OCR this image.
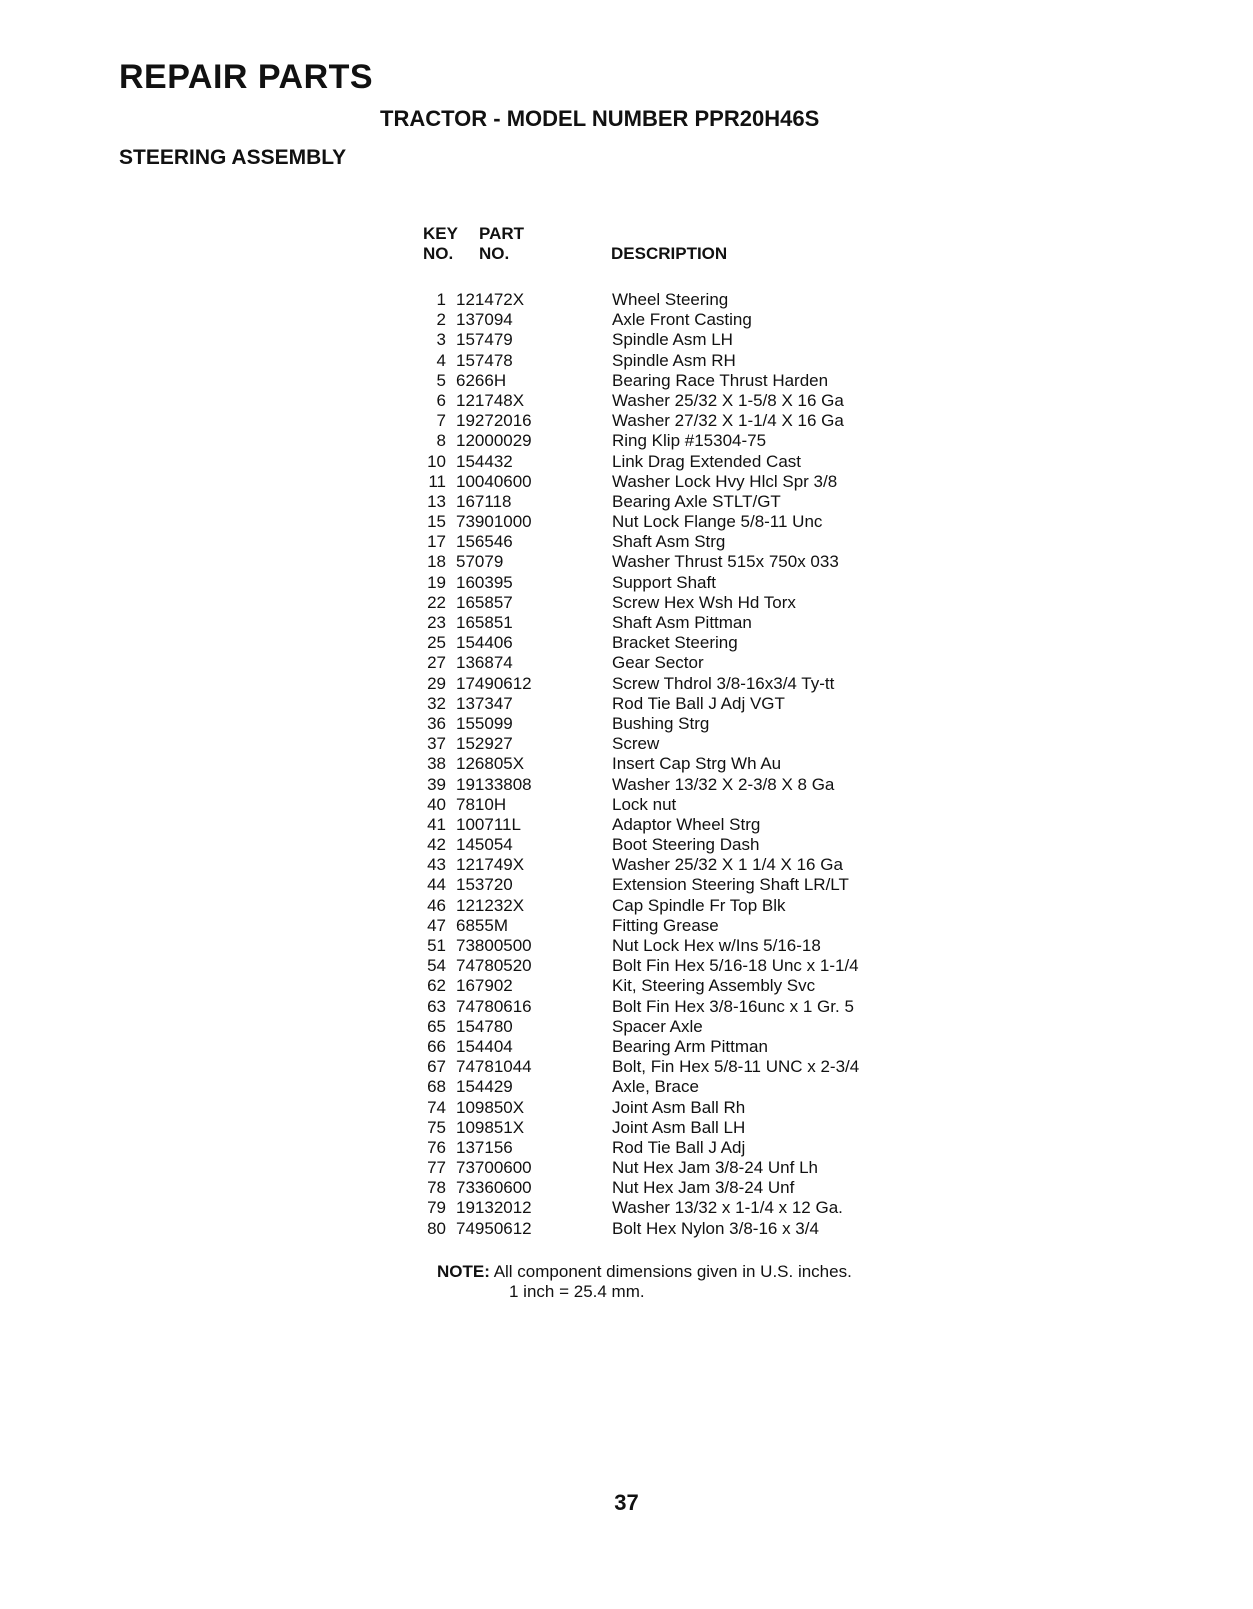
REPAIR PARTS
TRACTOR - MODEL NUMBER PPR20H46S
STEERING ASSEMBLY
KEY
NO.
PART
NO.	DESCRIPTION
1 121472X	Wheel Steering
2 137094	Axle Front Casting
3 157479	Spindle Asm LH
4 157478	Spindle Asm RH
5 6266H	Bearing Race Thrust Harden
6 121748X	Washer 25/32 X 1-5/8 X 16 Ga
7 19272016	Washer 27/32 X 1-1/4 X 16 Ga
8 12000029	Ring Klip #15304-75
10 154432	Link Drag Extended Cast
11 10040600	Washer Lock Hvy Hlcl Spr 3/8
13 167118	Bearing Axle STLT/GT
15 73901000	Nut Lock Flange 5/8-11 Unc
17 156546	Shaft Asm Strg
18 57079	Washer Thrust 515x 750x 033
19 160395	Support Shaft
22 165857	Screw Hex Wsh Hd Torx
23 165851	Shaft Asm Pittman
25 154406	Bracket Steering
27 136874	Gear Sector
29 17490612	Screw Thdrol 3/8-16x3/4 Ty-tt
32 137347	Rod Tie Ball J Adj VGT
36 155099	Bushing Strg
37 152927	Screw
38 126805X	Insert Cap Strg Wh Au
39 19133808	Washer 13/32 X 2-3/8 X 8 Ga
40 7810H	Lock nut
41 100711L	Adaptor Wheel Strg
42 145054	Boot Steering Dash
43 121749X	Washer 25/32 X 1 1/4 X 16 Ga
44 153720	Extension Steering Shaft LR/LT
46 121232X	Cap Spindle Fr Top Blk
47 6855M	Fitting Grease
51 73800500	Nut Lock Hex w/Ins 5/16-18
54 74780520	Bolt Fin Hex 5/16-18 Unc x 1-1/4
62 167902	Kit, Steering Assembly Svc
63 74780616	Bolt Fin Hex 3/8-16unc x 1 Gr. 5
65 154780	Spacer Axle
66 154404	Bearing Arm Pittman
67 74781044	Bolt, Fin Hex 5/8-11 UNC x 2-3/4
68 154429	Axle, Brace
74 109850X	Joint Asm Ball Rh
75 109851X	Joint Asm Ball LH
76 137156	Rod Tie Ball J Adj
77 73700600	Nut Hex Jam 3/8-24 Unf Lh
78 73360600	Nut Hex Jam 3/8-24 Unf
79 19132012	Washer 13/32 x 1-1/4 x 12 Ga.
80 74950612	Bolt Hex Nylon 3/8-16 x 3/4
NOTE: All component dimensions given in U.S. inches.
1 inch = 25.4 mm.
37
